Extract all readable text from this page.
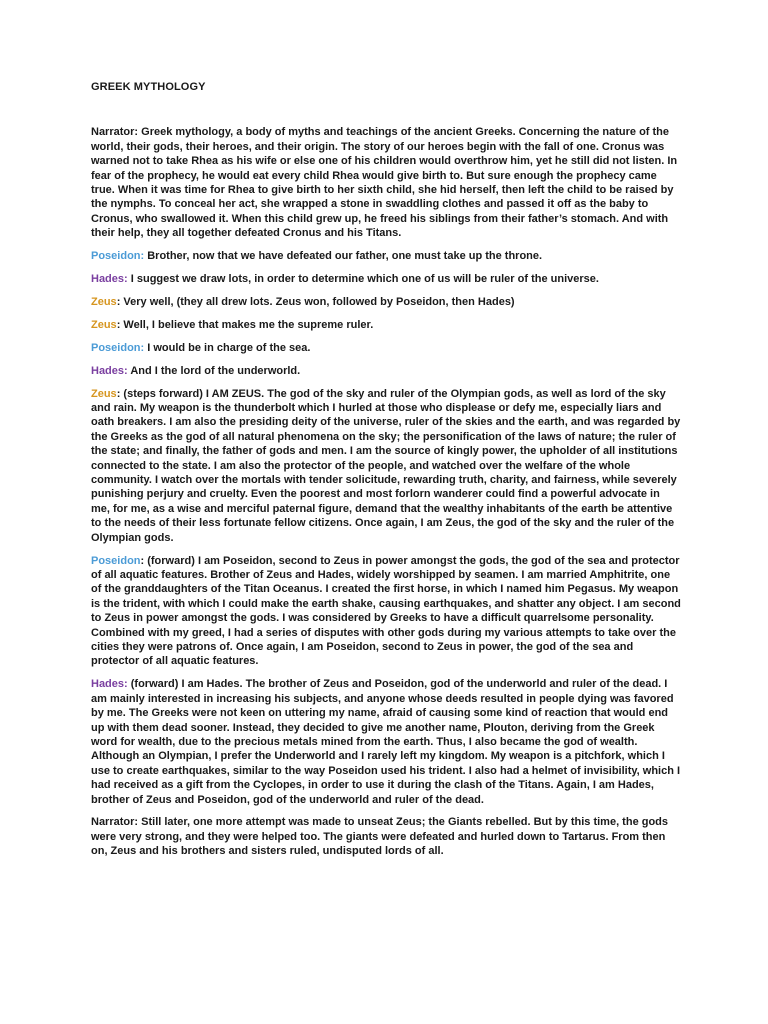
GREEK MYTHOLOGY

Narrator: Greek mythology, a body of myths and teachings of the ancient Greeks. Concerning the nature of the world, their gods, their heroes, and their origin. The story of our heroes begin with the fall of one. Cronus was warned not to take Rhea as his wife or else one of his children would overthrow him, yet he still did not listen. In fear of the prophecy, he would eat every child Rhea would give birth to. But sure enough the prophecy came true. When it was time for Rhea to give birth to her sixth child, she hid herself, then left the child to be raised by the nymphs. To conceal her act, she wrapped a stone in swaddling clothes and passed it off as the baby to Cronus, who swallowed it. When this child grew up, he freed his siblings from their father’s stomach. And with their help, they all together defeated Cronus and his Titans.

Poseidon: Brother, now that we have defeated our father, one must take up the throne.

Hades: I suggest we draw lots, in order to determine which one of us will be ruler of the universe.

Zeus: Very well, (they all drew lots. Zeus won, followed by Poseidon, then Hades)

Zeus: Well, I believe that makes me the supreme ruler.

Poseidon: I would be in charge of the sea.

Hades: And I the lord of the underworld.

Zeus: (steps forward) I AM ZEUS. The god of the sky and ruler of the Olympian gods, as well as lord of the sky and rain. My weapon is the thunderbolt which I hurled at those who displease or defy me, especially liars and oath breakers. I am also the presiding deity of the universe, ruler of the skies and the earth, and was regarded by the Greeks as the god of all natural phenomena on the sky; the personification of the laws of nature; the ruler of the state; and finally, the father of gods and men. I am the source of kingly power, the upholder of all institutions connected to the state. I am also the protector of the people, and watched over the welfare of the whole community. I watch over the mortals with tender solicitude, rewarding truth, charity, and fairness, while severely punishing perjury and cruelty. Even the poorest and most forlorn wanderer could find a powerful advocate in me, for me, as a wise and merciful paternal figure, demand that the wealthy inhabitants of the earth be attentive to the needs of their less fortunate fellow citizens. Once again, I am Zeus, the god of the sky and the ruler of the Olympian gods.

Poseidon: (forward) I am Poseidon, second to Zeus in power amongst the gods, the god of the sea and protector of all aquatic features. Brother of Zeus and Hades, widely worshipped by seamen. I am married Amphitrite, one of the granddaughters of the Titan Oceanus. I created the first horse, in which I named him Pegasus. My weapon is the trident, with which I could make the earth shake, causing earthquakes, and shatter any object. I am second to Zeus in power amongst the gods. I was considered by Greeks to have a difficult quarrelsome personality. Combined with my greed, I had a series of disputes with other gods during my various attempts to take over the cities they were patrons of. Once again, I am Poseidon, second to Zeus in power, the god of the sea and protector of all aquatic features.

Hades: (forward) I am Hades. The brother of Zeus and Poseidon, god of the underworld and ruler of the dead. I am mainly interested in increasing his subjects, and anyone whose deeds resulted in people dying was favored by me. The Greeks were not keen on uttering my name, afraid of causing some kind of reaction that would end up with them dead sooner. Instead, they decided to give me another name, Plouton, deriving from the Greek word for wealth, due to the precious metals mined from the earth. Thus, I also became the god of wealth. Although an Olympian, I prefer the Underworld and I rarely left my kingdom. My weapon is a pitchfork, which I use to create earthquakes, similar to the way Poseidon used his trident. I also had a helmet of invisibility, which I had received as a gift from the Cyclopes, in order to use it during the clash of the Titans. Again, I am Hades, brother of Zeus and Poseidon, god of the underworld and ruler of the dead.

Narrator: Still later, one more attempt was made to unseat Zeus; the Giants rebelled. But by this time, the gods were very strong, and they were helped too. The giants were defeated and hurled down to Tartarus. From then on, Zeus and his brothers and sisters ruled, undisputed lords of all.
